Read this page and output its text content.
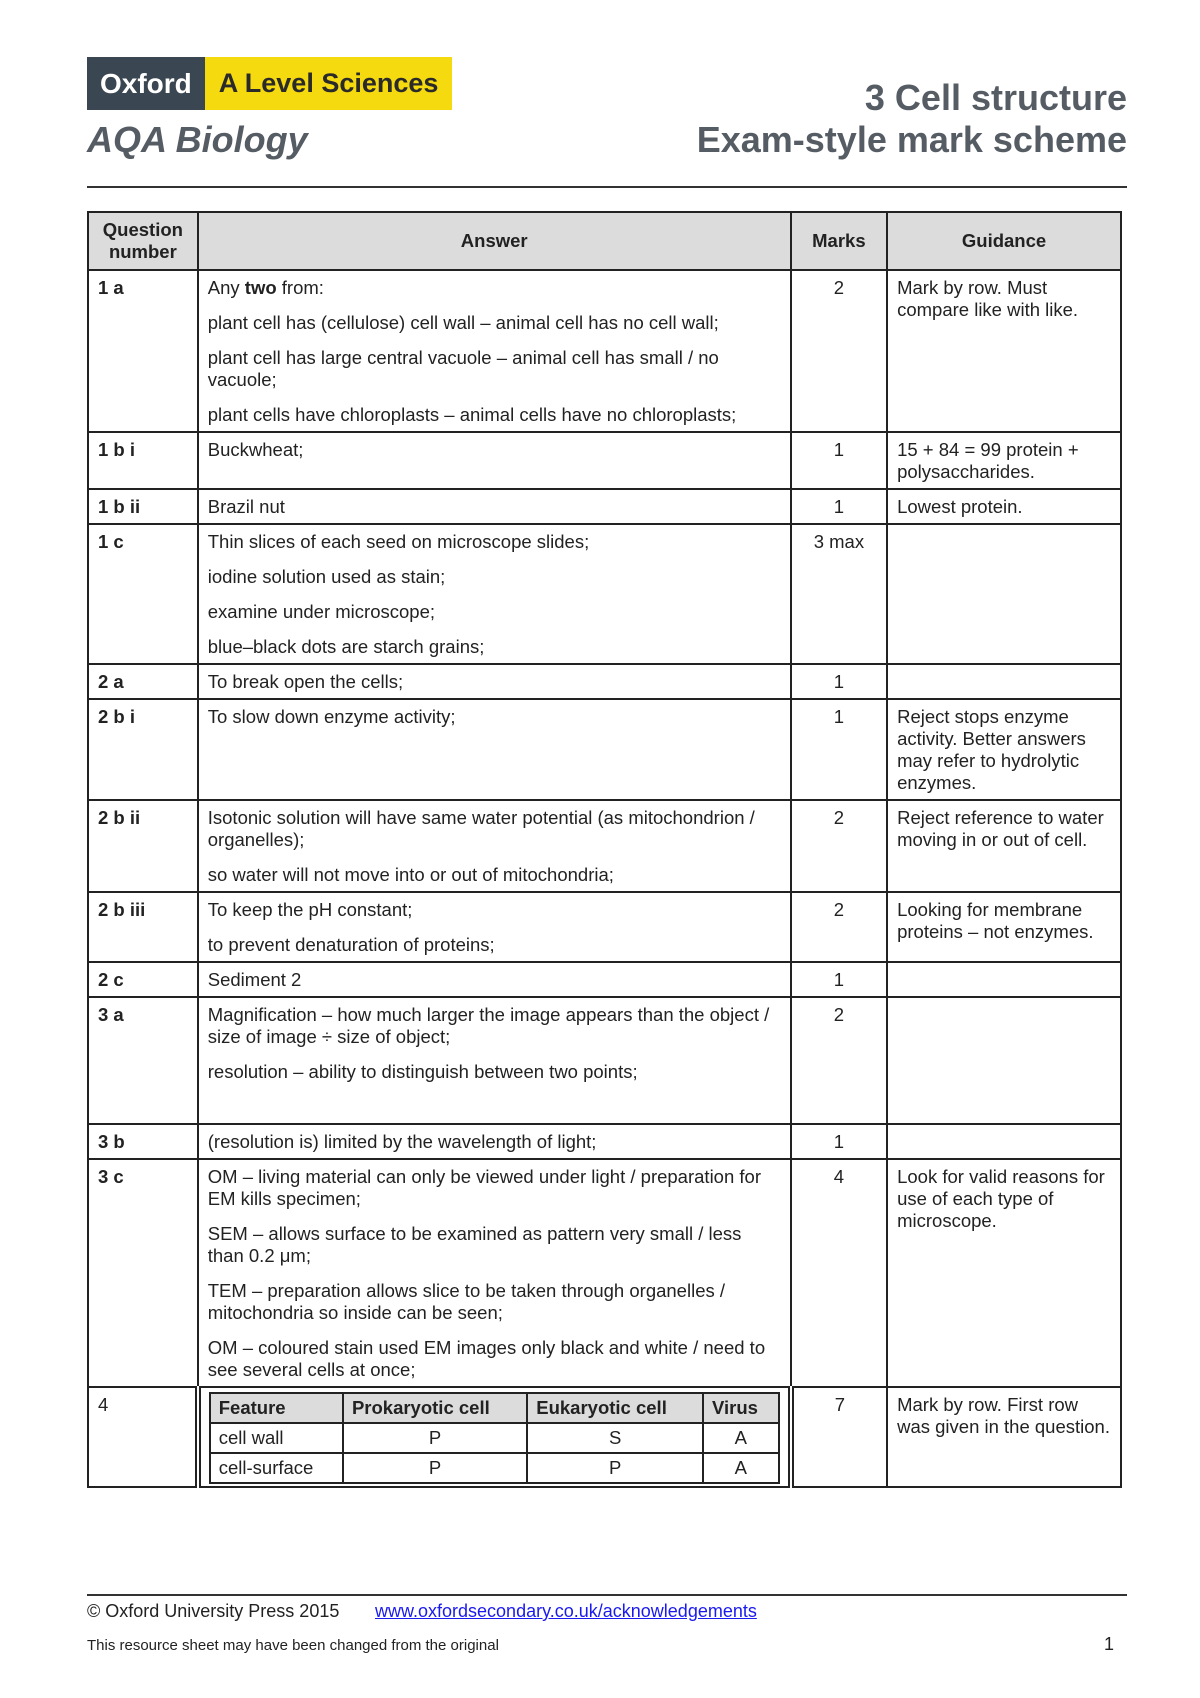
Oxford	A Level Sciences
AQA Biology
3 Cell structure
Exam-style mark scheme
Question number	Answer	Marks	Guidance
1 a	Any two from:

plant cell has (cellulose) cell wall – animal cell has no cell wall;

plant cell has large central vacuole – animal cell has small / no vacuole;

plant cells have chloroplasts – animal cells have no chloroplasts;

	2	Mark by row. Must compare like with like.
1 b i	Buckwheat;	1	15 + 84 = 99 protein + polysaccharides.
1 b ii	Brazil nut	1	Lowest protein.
1 c	Thin slices of each seed on microscope slides;

iodine solution used as stain;

examine under microscope;

blue–black dots are starch grains;

	3 max	
2 a	To break open the cells;	1	
2 b i	To slow down enzyme activity;	1	Reject stops enzyme activity. Better answers may refer to hydrolytic enzymes.
2 b ii	Isotonic solution will have same water potential (as mitochondrion / organelles);

so water will not move into or out of mitochondria;

	2	Reject reference to water moving in or out of cell.
2 b iii	To keep the pH constant;

to prevent denaturation of proteins;

	2	Looking for membrane proteins – not enzymes.
2 c	Sediment 2	1	
3 a	Magnification – how much larger the image appears than the object / size of image ÷ size of object;

resolution – ability to distinguish between two points;

	2	
3 b	(resolution is) limited by the wavelength of light;	1	
3 c	OM – living material can only be viewed under light / preparation for EM kills specimen;

SEM – allows surface to be examined as pattern very small / less than 0.2 μm;

TEM – preparation allows slice to be taken through organelles / mitochondria so inside can be seen;

OM – coloured stain used EM images only black and white / need to see several cells at once;

	4	Look for valid reasons for use of each type of microscope.
4		Feature	Prokaryotic cell	Eukaryotic cell	Virus
cell wall	P	S	A
cell-surface	P	P	A
	7	Mark by row. First row was given in the question.
© Oxford University Press 2015 www.oxfordsecondary.co.uk/acknowledgements
This resource sheet may have been changed from the original	1
